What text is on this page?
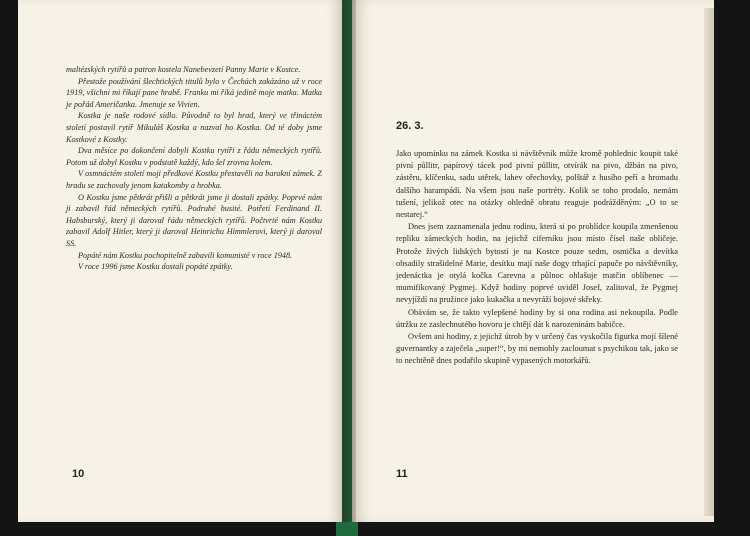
maltézských rytířů a patron kostela Nanebevzetí Panny Marie v Kostce.

Přestože používání šlechtických titulů bylo v Čechách zakázáno už v roce 1919, všichni mi říkají pane hrabě. Franku mi říká jedině moje matka. Matka je pořád Američanka. Jmenuje se Vivien.

Kostka je naše rodové sídlo. Původně to byl hrad, který ve třináctém století postavil rytíř Mikuláš Kostka a nazval ho Kostka. Od té doby jsme Kostkové z Kostky.

Dva měsíce po dokončení dobyli Kostku rytíři z řádu německých rytířů. Potom už dobyl Kostku v podstatě každý, kdo šel zrovna kolem.

V osmnáctém století moji předkové Kostku přestavěli na barokní zámek. Z hradu se zachovaly jenom katakomby a hrobka.

O Kostku jsme pětkrát přišli a pětkrát jsme ji dostali zpátky. Poprvé nám ji zabavil řád německých rytířů. Podruhé husité. Potřetí Ferdinand II. Habsburský, který ji daroval řádu německých rytířů. Počtvrté nám Kostku zabavil Adolf Hitler, který ji daroval Heinrichu Himmlerovi, který ji daroval SS.

Popáté nám Kostku pochopitelně zabavili komunisté v roce 1948.

V roce 1996 jsme Kostku dostali popáté zpátky.

10
26. 3.

Jako upomínku na zámek Kostka si návštěvník může kromě pohlednic koupit také pivní půllitr, papírový tácek pod pivní půllitr, otvírák na pivo, džbán na pivo, zástěru, klíčenku, sadu utěrek, lahev ořechovky, polštář z husího peří a hromadu dalšího harampádí. Na všem jsou naše portréty. Kolik se toho prodalo, nemám tušení, jelikož otec na otázky ohledně obratu reaguje podrážděným: „O to se nestarej.“

Dnes jsem zaznamenala jednu rodinu, která si po prohlídce koupila zmenšenou repliku zámeckých hodin, na jejichž ciferníku jsou místo čísel naše obličeje. Protože živých lidských bytostí je na Kostce pouze sedm, osmička a devítka obsadily strašidelné Marie, desítku mají naše dogy trhající papuče po návštěvníky, jedenáctka je otylá kočka Carevna a půlnoc ohlašuje matčin oblíbenec — mumifikovaný Pygmej. Když hodiny poprvé uviděl Josef, zalitoval, že Pygmej nevyjíždí na pružince jako kukačka a nevyráží bojové skřeky.

Obávám se, že takto vylepšené hodiny by si ona rodina asi nekoupila. Podle útržku ze zaslechnutého hovoru je chtějí dát k narozeninám babičce.

Ovšem ani hodiny, z jejichž útrob by v určený čas vyskočila figurka mojí šílené guvernantky a zaječela „super!“, by mi nemohly zacloumat s psychikou tak, jako se to nechtěně dnes podařilo skupině vypasených motorkářů.

11
